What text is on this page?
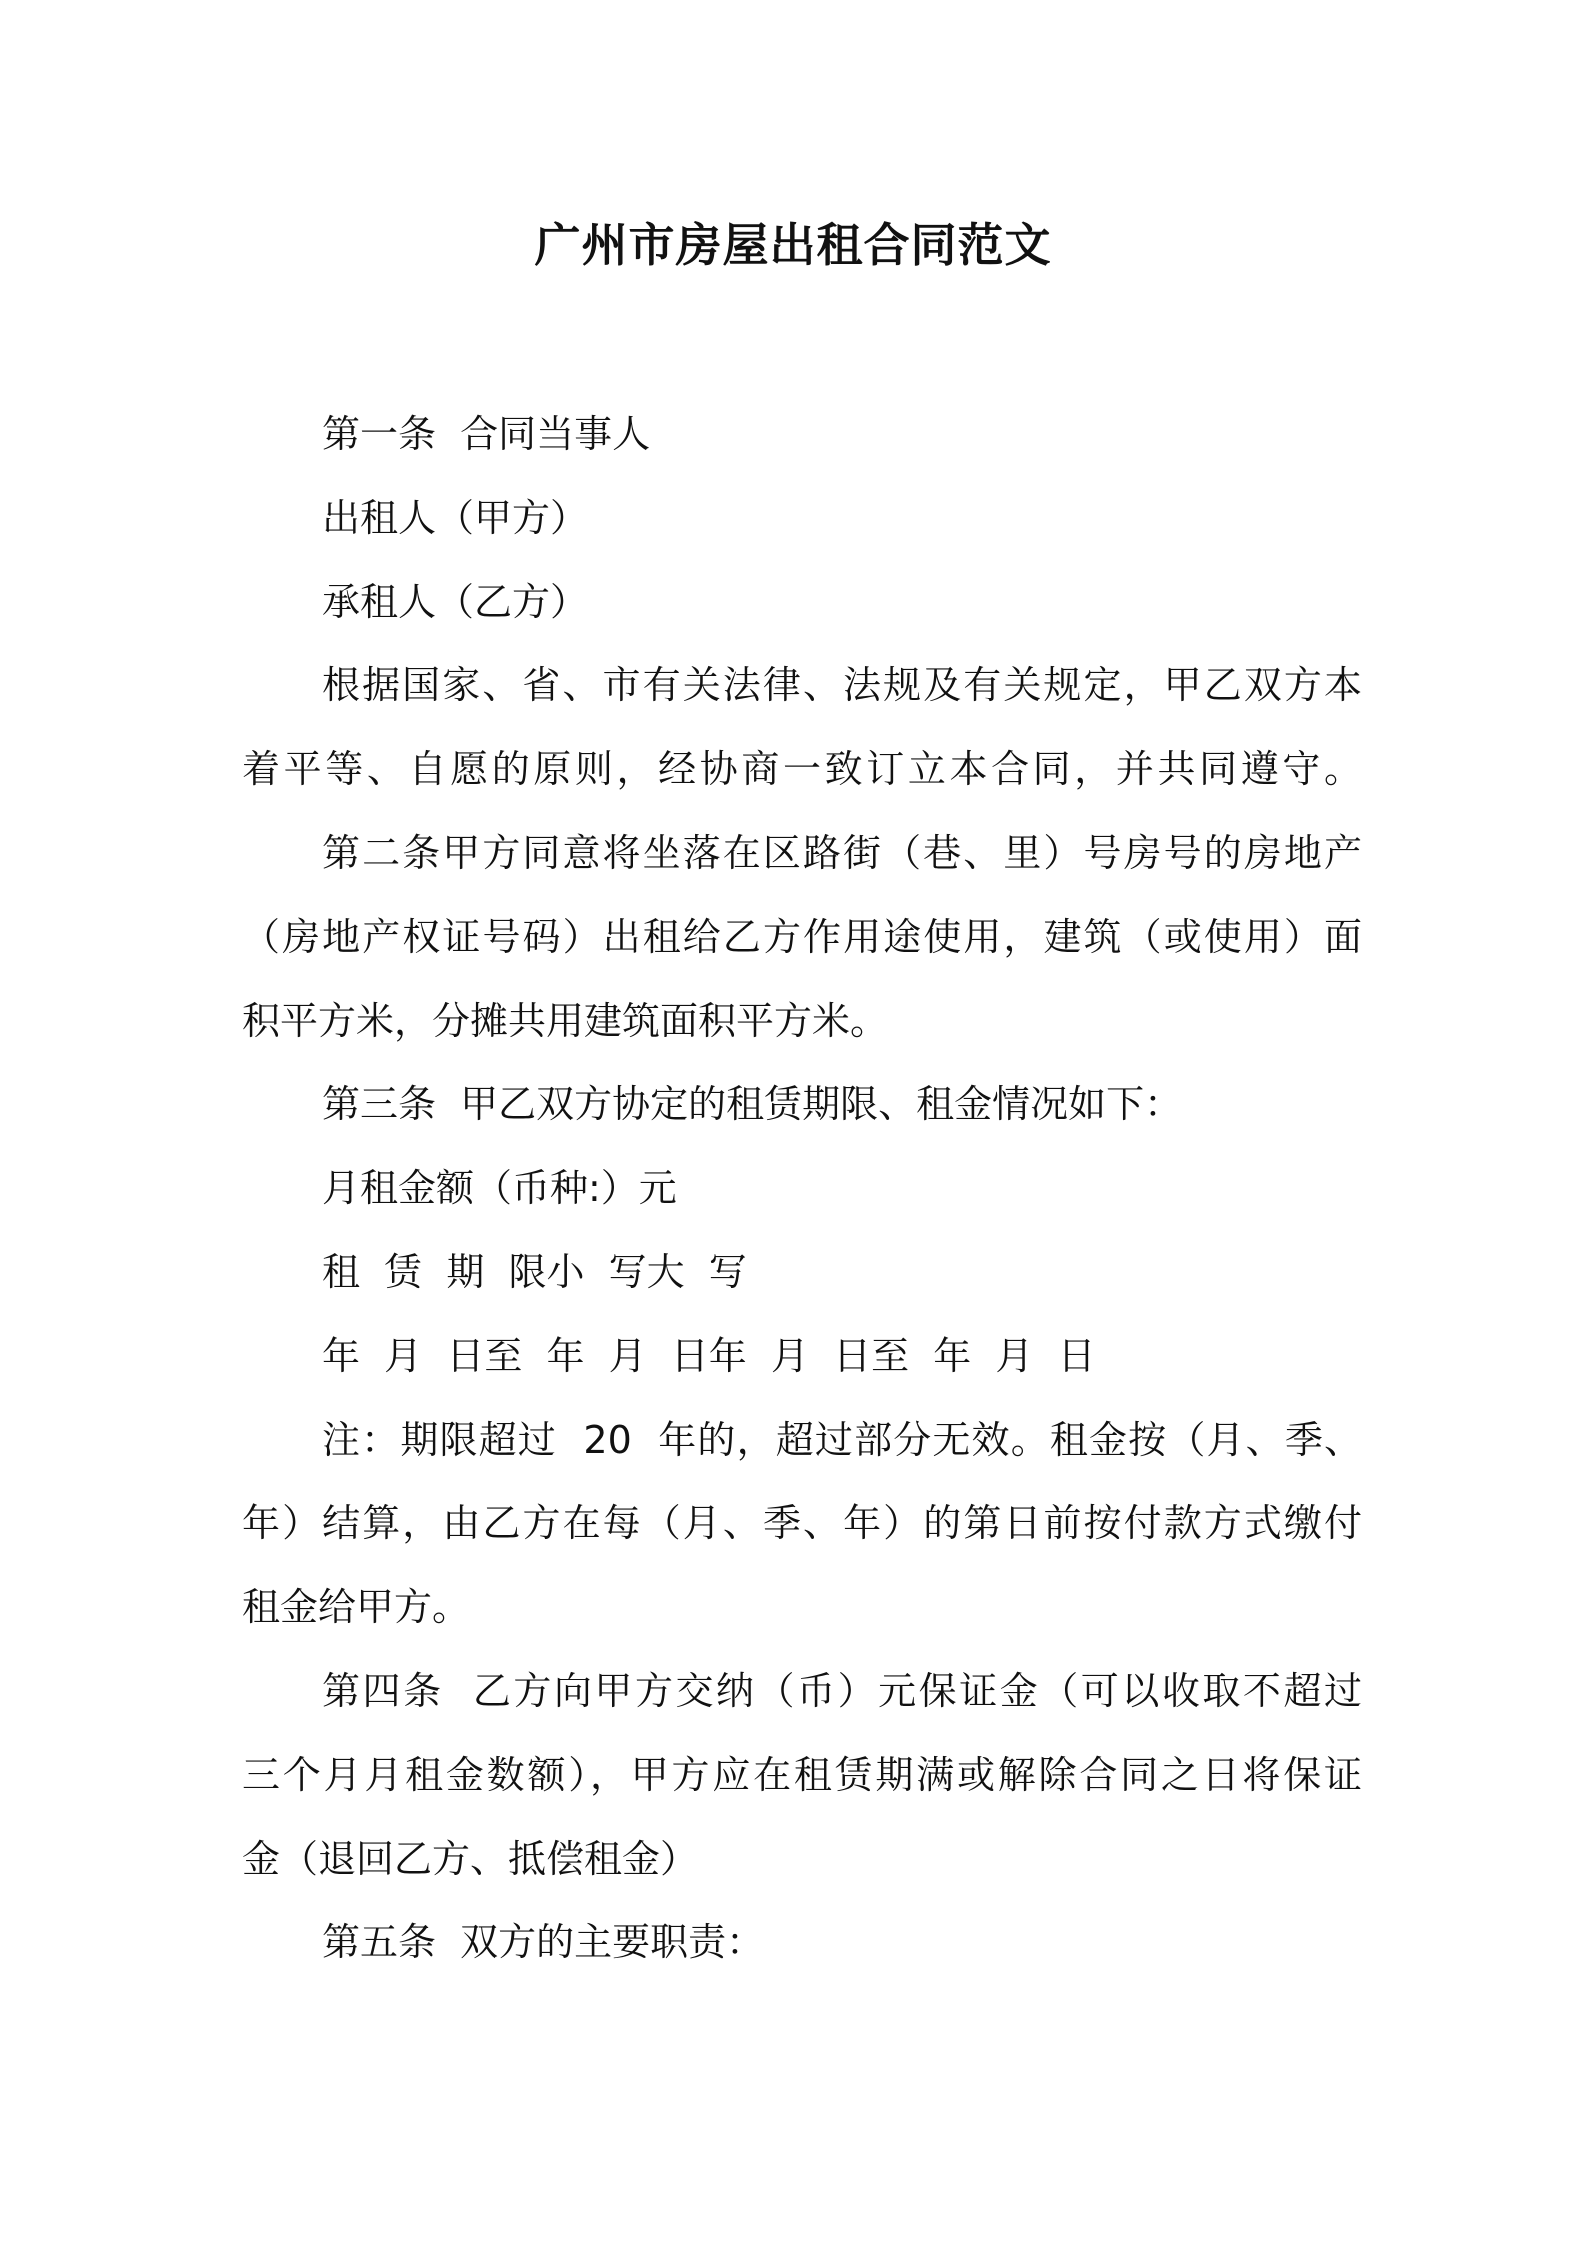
广州市房屋出租合同范文
第一条  合同当事人
出租人（甲方）
承租人（乙方）
根据国家、省、市有关法律、法规及有关规定，甲乙双方本
着平等、自愿的原则，经协商一致订立本合同，并共同遵守。
第二条甲方同意将坐落在区路街（巷、里）号房号的房地产
（房地产权证号码）出租给乙方作用途使用，建筑（或使用）面
积平方米，分摊共用建筑面积平方米。
第三条  甲乙双方协定的租赁期限、租金情况如下：
月租金额（币种:）元
租  赁  期  限小  写大  写
年  月  日至  年  月  日年  月  日至  年  月  日
注：期限超过  20  年的，超过部分无效。租金按（月、季、
年）结算，由乙方在每（月、季、年）的第日前按付款方式缴付
租金给甲方。
第四条  乙方向甲方交纳（币）元保证金（可以收取不超过
三个月月租金数额），甲方应在租赁期满或解除合同之日将保证
金（退回乙方、抵偿租金）
第五条  双方的主要职责：
